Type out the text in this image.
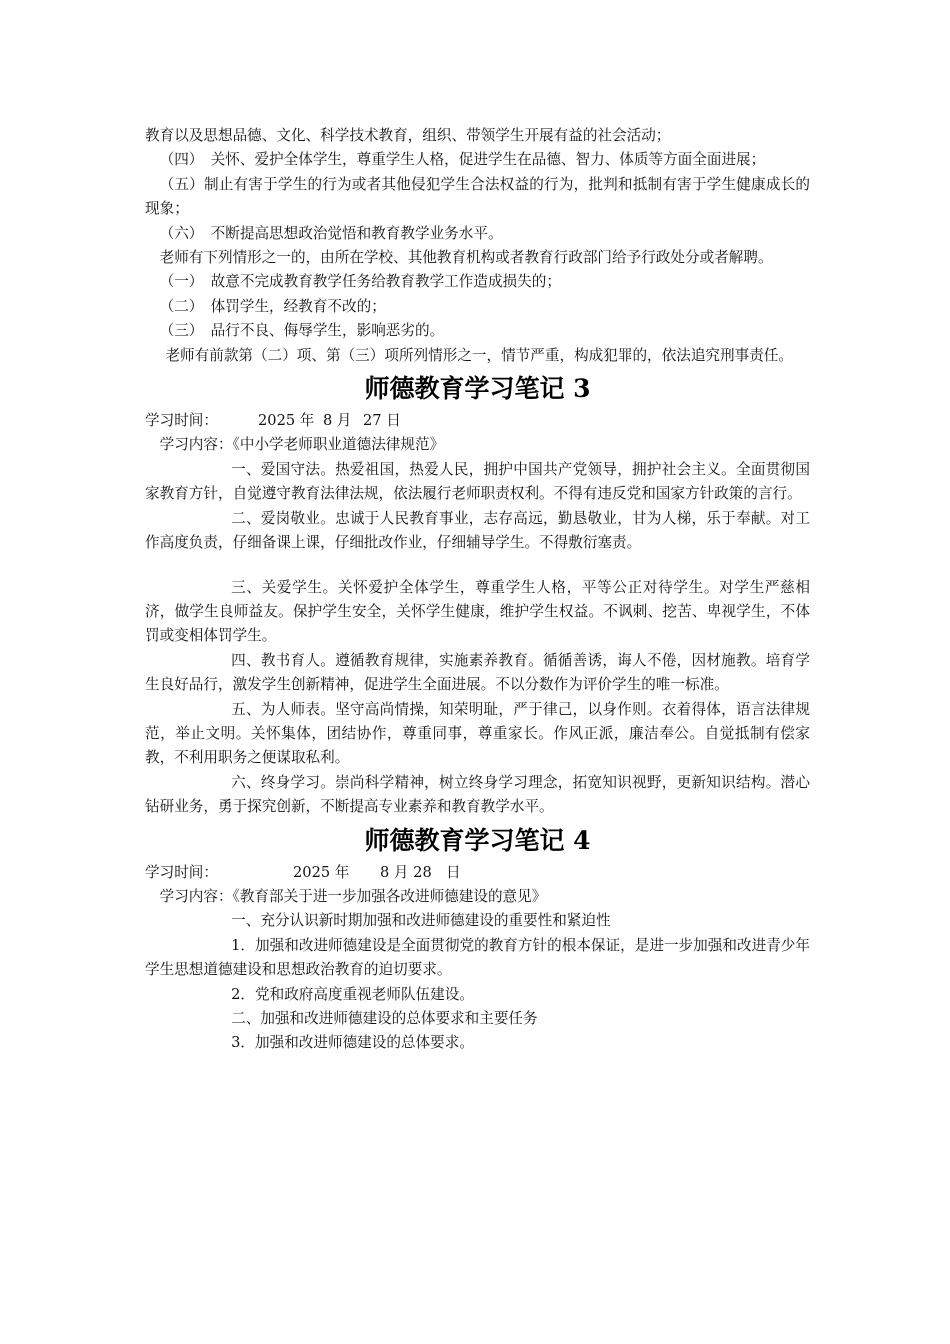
教育以及思想品德、文化、科学技术教育，组织、带领学生开展有益的社会活动；

（四）　关怀、爱护全体学生，尊重学生人格，促进学生在品德、智力、体质等方面全面进展；

（五）制止有害于学生的行为或者其他侵犯学生合法权益的行为，批判和抵制有害于学生健康成长的现象；

（六）　不断提高思想政治觉悟和教育教学业务水平。

老师有下列情形之一的，由所在学校、其他教育机构或者教育行政部门给予行政处分或者解聘。

（一）　故意不完成教育教学任务给教育教学工作造成损失的；

（二）　体罚学生，经教育不改的；

（三）　品行不良、侮辱学生，影响恶劣的。

老师有前款第（二）项、第（三）项所列情形之一，情节严重，构成犯罪的，依法追究刑事责任。

师德教育学习笔记 3

学习时间：	2025 年 8 月 27 日

学习内容：《中小学老师职业道德法律规范》

一、爱国守法。热爱祖国，热爱人民，拥护中国共产党领导，拥护社会主义。全面贯彻国家教育方针，自觉遵守教育法律法规，依法履行老师职责权利。不得有违反党和国家方针政策的言行。

二、爱岗敬业。忠诚于人民教育事业，志存高远，勤恳敬业，甘为人梯，乐于奉献。对工作高度负责，仔细备课上课，仔细批改作业，仔细辅导学生。不得敷衍塞责。

三、关爱学生。关怀爱护全体学生，尊重学生人格，平等公正对待学生。对学生严慈相济，做学生良师益友。保护学生安全，关怀学生健康，维护学生权益。不讽刺、挖苦、卑视学生，不体罚或变相体罚学生。

四、教书育人。遵循教育规律，实施素养教育。循循善诱，诲人不倦，因材施教。培育学生良好品行，激发学生创新精神，促进学生全面进展。不以分数作为评价学生的唯一标准。

五、为人师表。坚守高尚情操，知荣明耻，严于律己，以身作则。衣着得体，语言法律规范，举止文明。关怀集体，团结协作，尊重同事，尊重家长。作风正派，廉洁奉公。自觉抵制有偿家教，不利用职务之便谋取私利。

六、终身学习。崇尚科学精神，树立终身学习理念，拓宽知识视野，更新知识结构。潜心钻研业务，勇于探究创新，不断提高专业素养和教育教学水平。

师德教育学习笔记 4

学习时间：	2025 年 8 月 28 日

学习内容：《教育部关于进一步加强各改进师德建设的意见》

一、充分认识新时期加强和改进师德建设的重要性和紧迫性

1．加强和改进师德建设是全面贯彻党的教育方针的根本保证，是进一步加强和改进青少年学生思想道德建设和思想政治教育的迫切要求。

2．党和政府高度重视老师队伍建设。

二、加强和改进师德建设的总体要求和主要任务

3．加强和改进师德建设的总体要求。
